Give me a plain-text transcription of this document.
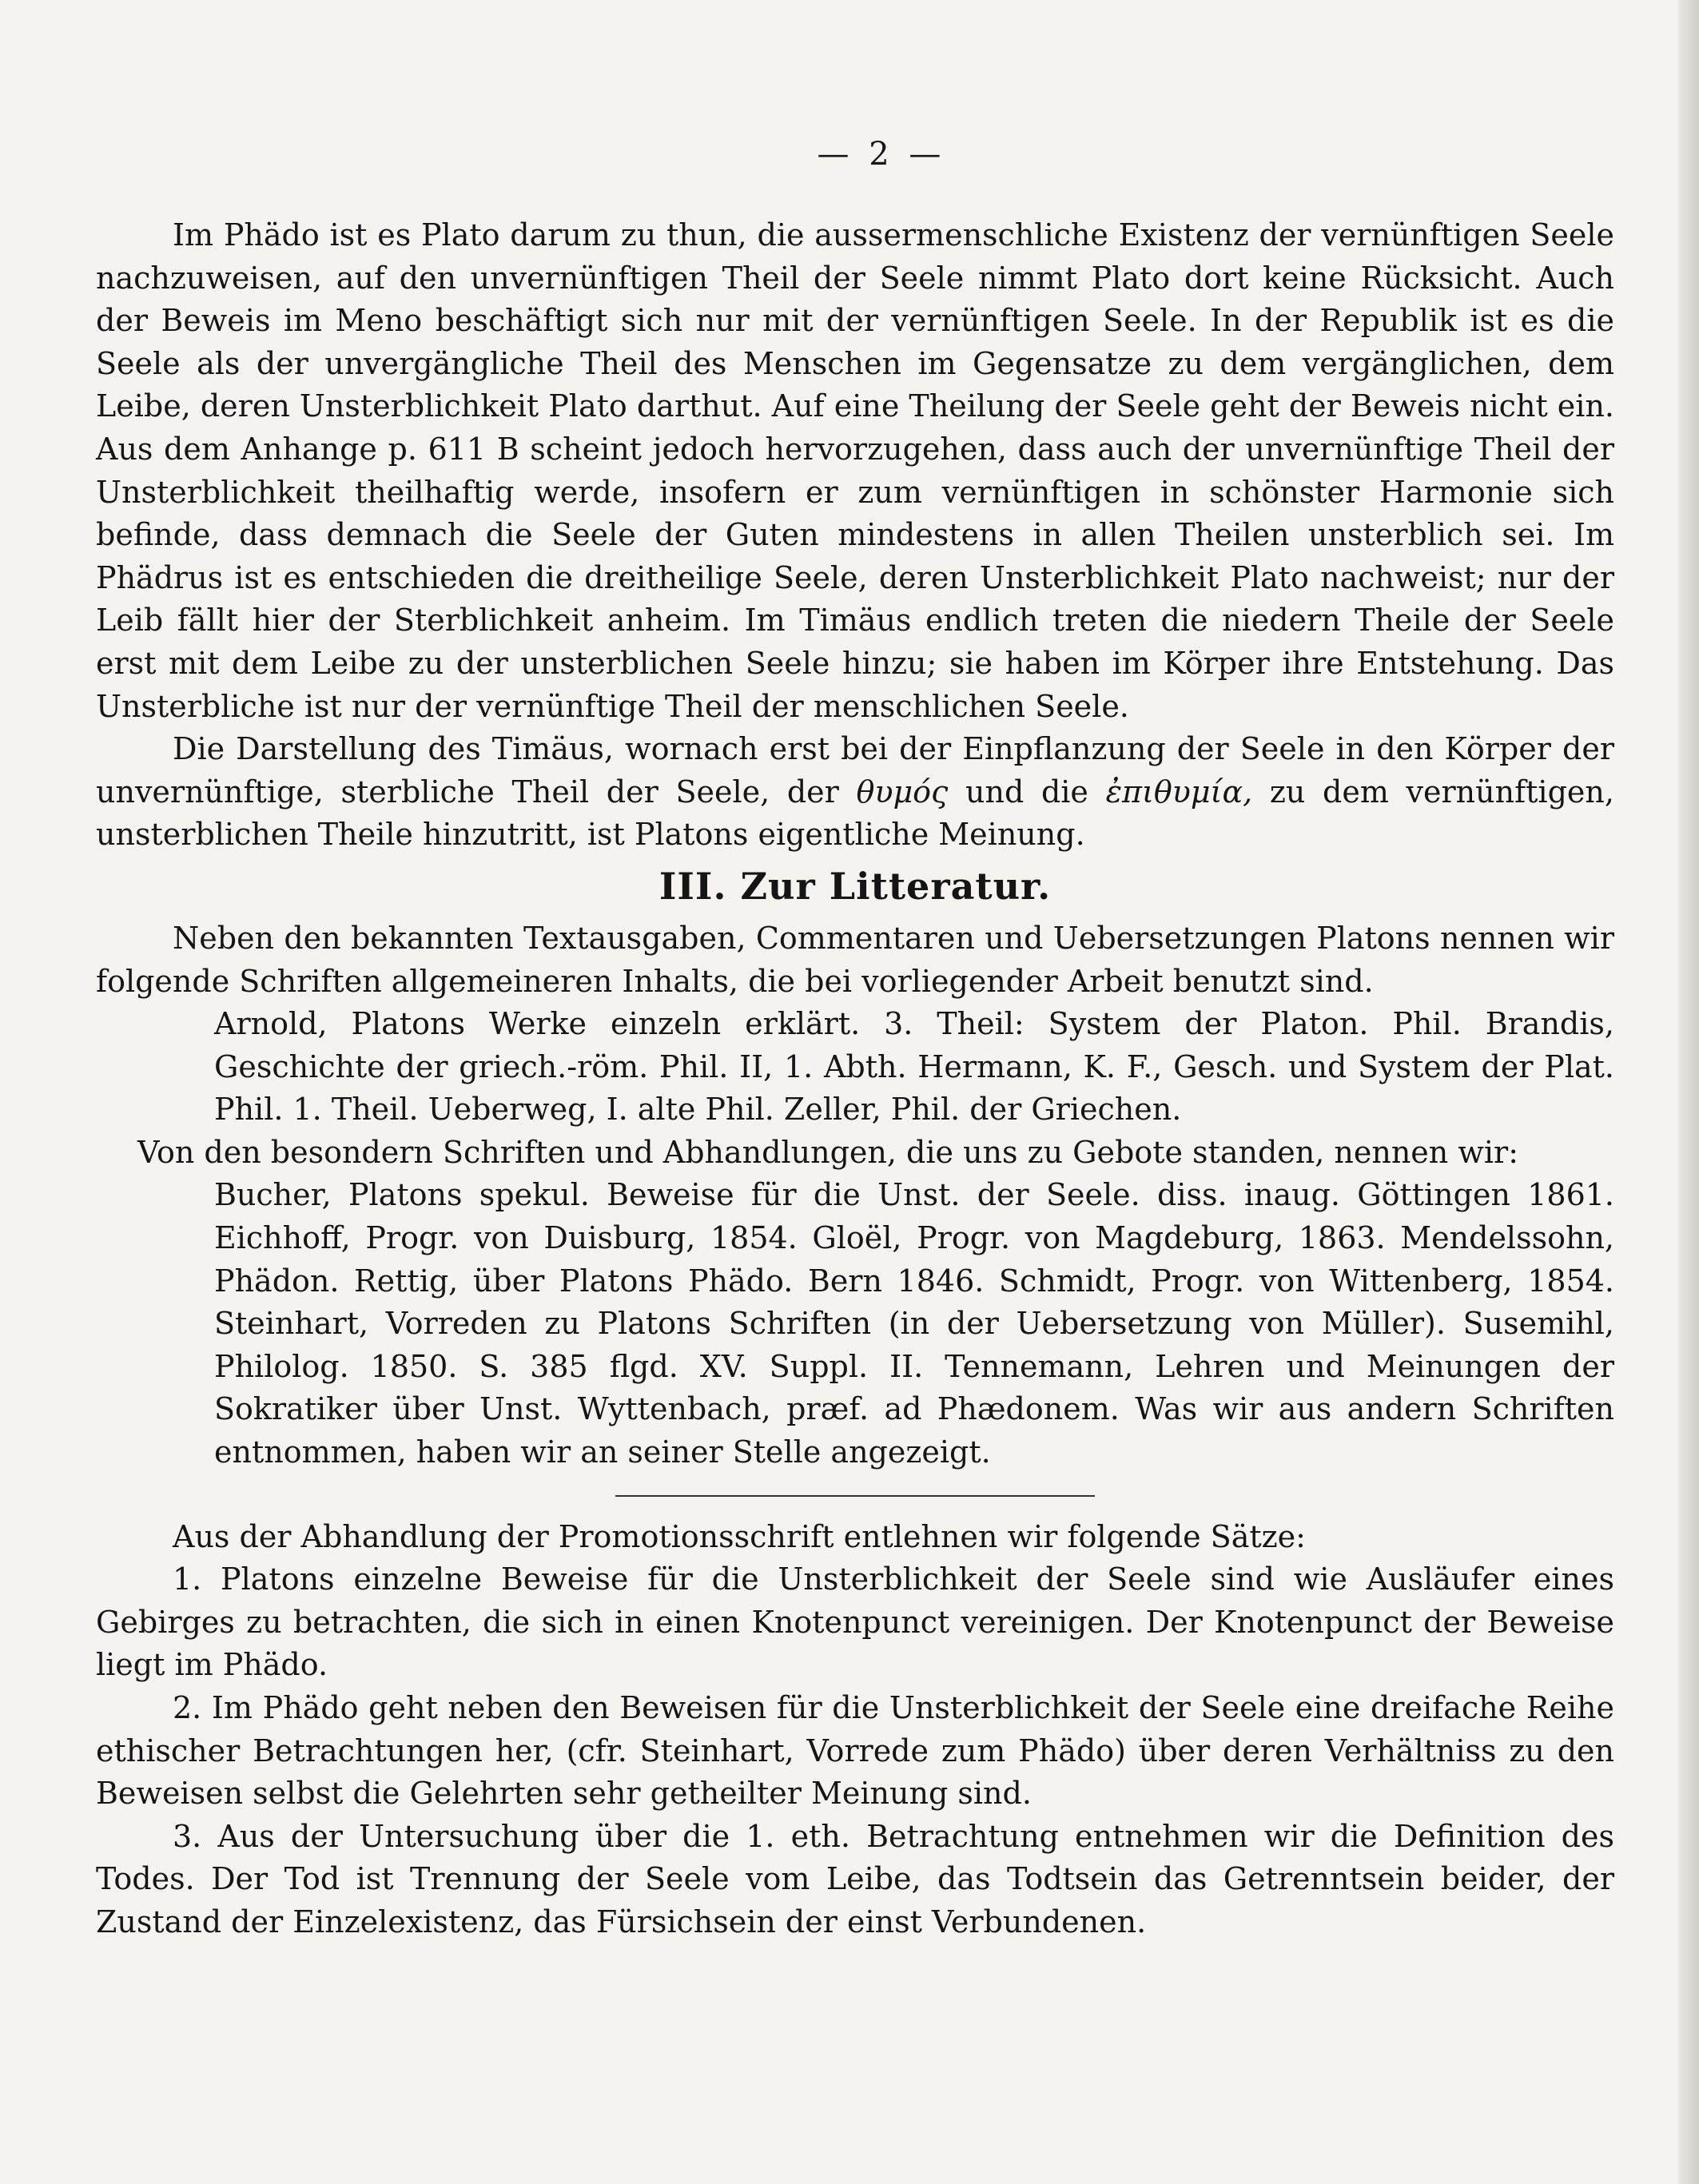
— 2 —

Im Phädo ist es Plato darum zu thun, die aussermenschliche Existenz der vernünftigen Seele nachzuweisen, auf den unvernünftigen Theil der Seele nimmt Plato dort keine Rücksicht. Auch der Beweis im Meno beschäftigt sich nur mit der vernünftigen Seele. In der Republik ist es die Seele als der unvergängliche Theil des Menschen im Gegensatze zu dem vergänglichen, dem Leibe, deren Unsterblichkeit Plato darthut. Auf eine Theilung der Seele geht der Beweis nicht ein. Aus dem Anhange p. 611 B scheint jedoch hervorzugehen, dass auch der unvernünftige Theil der Unsterblichkeit theilhaftig werde, insofern er zum vernünftigen in schönster Harmonie sich befinde, dass demnach die Seele der Guten mindestens in allen Theilen unsterblich sei. Im Phädrus ist es entschieden die dreitheilige Seele, deren Unsterblichkeit Plato nachweist; nur der Leib fällt hier der Sterblichkeit anheim. Im Timäus endlich treten die niedern Theile der Seele erst mit dem Leibe zu der unsterblichen Seele hinzu; sie haben im Körper ihre Entstehung. Das Unsterbliche ist nur der vernünftige Theil der menschlichen Seele.

Die Darstellung des Timäus, wornach erst bei der Einpflanzung der Seele in den Körper der unvernünftige, sterbliche Theil der Seele, der θυμός und die ἐπιθυμία, zu dem vernünftigen, unsterblichen Theile hinzutritt, ist Platons eigentliche Meinung.

III. Zur Litteratur.

Neben den bekannten Textausgaben, Commentaren und Uebersetzungen Platons nennen wir folgende Schriften allgemeineren Inhalts, die bei vorliegender Arbeit benutzt sind.

Arnold, Platons Werke einzeln erklärt. 3. Theil: System der Platon. Phil. Brandis, Geschichte der griech.-röm. Phil. II, 1. Abth. Hermann, K. F., Gesch. und System der Plat. Phil. 1. Theil. Ueberweg, I. alte Phil. Zeller, Phil. der Griechen.

Von den besondern Schriften und Abhandlungen, die uns zu Gebote standen, nennen wir:

Bucher, Platons spekul. Beweise für die Unst. der Seele. diss. inaug. Göttingen 1861. Eichhoff, Progr. von Duisburg, 1854. Gloël, Progr. von Magdeburg, 1863. Mendelssohn, Phädon. Rettig, über Platons Phädo. Bern 1846. Schmidt, Progr. von Wittenberg, 1854. Steinhart, Vorreden zu Platons Schriften (in der Uebersetzung von Müller). Susemihl, Philolog. 1850. S. 385 flgd. XV. Suppl. II. Tennemann, Lehren und Meinungen der Sokratiker über Unst. Wyttenbach, præf. ad Phædonem. Was wir aus andern Schriften entnommen, haben wir an seiner Stelle angezeigt.

Aus der Abhandlung der Promotionsschrift entlehnen wir folgende Sätze:

1. Platons einzelne Beweise für die Unsterblichkeit der Seele sind wie Ausläufer eines Gebirges zu betrachten, die sich in einen Knotenpunct vereinigen. Der Knotenpunct der Beweise liegt im Phädo.

2. Im Phädo geht neben den Beweisen für die Unsterblichkeit der Seele eine dreifache Reihe ethischer Betrachtungen her, (cfr. Steinhart, Vorrede zum Phädo) über deren Verhältniss zu den Beweisen selbst die Gelehrten sehr getheilter Meinung sind.

3. Aus der Untersuchung über die 1. eth. Betrachtung entnehmen wir die Definition des Todes. Der Tod ist Trennung der Seele vom Leibe, das Todtsein das Getrenntsein beider, der Zustand der Einzelexistenz, das Fürsichsein der einst Verbundenen.
